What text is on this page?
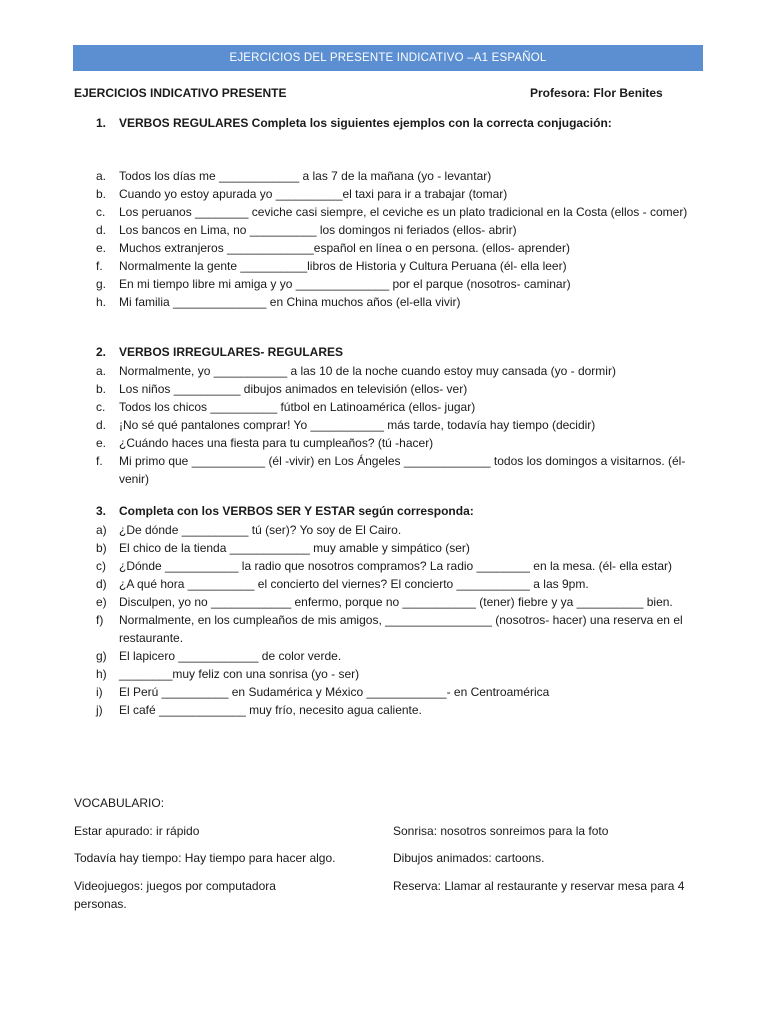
EJERCICIOS DEL PRESENTE INDICATIVO –A1 ESPAÑOL
EJERCICIOS INDICATIVO PRESENTE	Profesora: Flor Benites
1. VERBOS REGULARES Completa los siguientes ejemplos con la correcta conjugación:
a.	Todos los días me ____________ a las 7 de la mañana (yo - levantar)
b.	Cuando yo estoy apurada yo __________el taxi para ir a trabajar (tomar)
c.	Los peruanos ________ ceviche casi siempre, el ceviche es un plato tradicional en la Costa (ellos - comer)
d.	Los bancos en Lima, no __________ los domingos ni feriados (ellos- abrir)
e.	Muchos extranjeros _____________español en línea o en persona. (ellos- aprender)
f.	Normalmente la gente __________libros de Historia y Cultura Peruana (él- ella leer)
g.	En mi tiempo libre mi amiga y yo ______________ por el parque (nosotros- caminar)
h.	Mi familia ______________ en China muchos años (el-ella vivir)
2. VERBOS IRREGULARES- REGULARES
a.	Normalmente, yo ___________ a las 10 de la noche cuando estoy muy cansada (yo - dormir)
b.	Los niños __________ dibujos animados en televisión (ellos- ver)
c.	Todos los chicos __________ fútbol en Latinoamérica (ellos- jugar)
d.	¡No sé qué pantalones comprar! Yo ___________ más tarde, todavía hay tiempo (decidir)
e.	¿Cuándo haces una fiesta para tu cumpleaños? (tú -hacer)
f.	Mi primo que ___________ (él -vivir) en Los Ángeles _____________ todos los domingos a visitarnos. (él- venir)
3. Completa con los VERBOS SER Y ESTAR según corresponda:
a)	¿De dónde __________ tú (ser)? Yo soy de El Cairo.
b)	El chico de la tienda ____________ muy amable y simpático (ser)
c)	¿Dónde ___________ la radio que nosotros compramos? La radio ________ en la mesa. (él- ella estar)
d)	¿A qué hora __________ el concierto del viernes? El concierto ___________ a las 9pm.
e)	Disculpen, yo no ____________ enfermo, porque no ___________ (tener) fiebre y ya __________ bien.
f)	Normalmente, en los cumpleaños de mis amigos, ________________ (nosotros- hacer) una reserva en el restaurante.
g)	El lapicero ____________ de color verde.
h)	________muy feliz con una sonrisa (yo - ser)
i)	El Perú __________ en Sudamérica y México ____________- en Centroamérica
j)	El café _____________ muy frío, necesito agua caliente.
VOCABULARIO:
Estar apurado: ir rápido	Sonrisa: nosotros sonreimos para la foto
Todavía hay tiempo: Hay tiempo para hacer algo.	Dibujos animados: cartoons.
Videojuegos: juegos por computadora	Reserva: Llamar al restaurante y reservar mesa para 4
personas.
